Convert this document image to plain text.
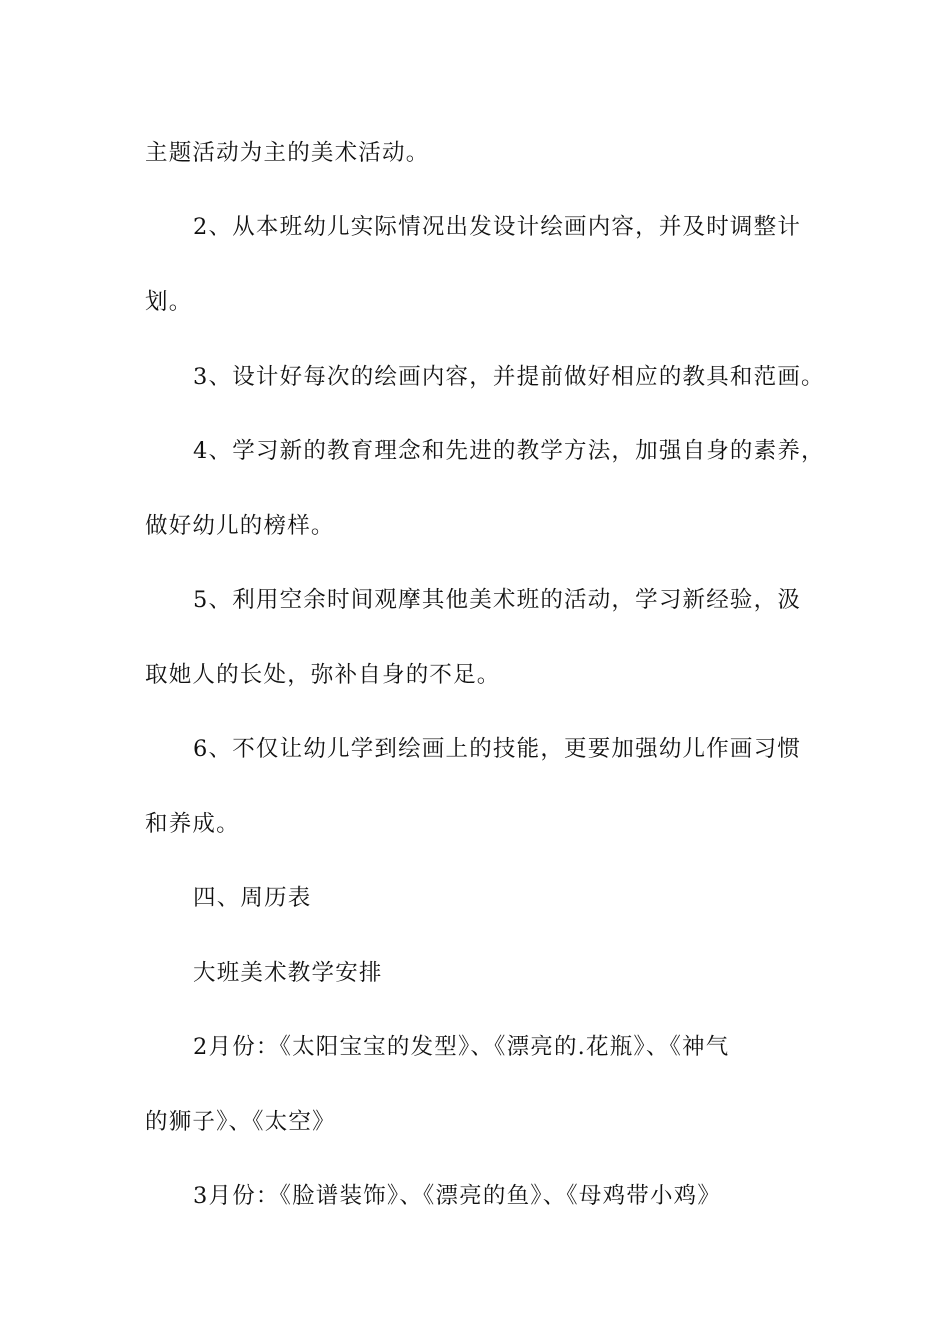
主题活动为主的美术活动。
2、从本班幼儿实际情况出发设计绘画内容，并及时调整计
划。
3、设计好每次的绘画内容，并提前做好相应的教具和范画。
4、学习新的教育理念和先进的教学方法，加强自身的素养，
做好幼儿的榜样。
5、利用空余时间观摩其他美术班的活动，学习新经验，汲
取她人的长处，弥补自身的不足。
6、不仅让幼儿学到绘画上的技能，更要加强幼儿作画习惯
和养成。
四、周历表
大班美术教学安排
2月份：《太阳宝宝的发型》、《漂亮的.花瓶》、《神气
的狮子》、《太空》
3月份：《脸谱装饰》、《漂亮的鱼》、《母鸡带小鸡》
